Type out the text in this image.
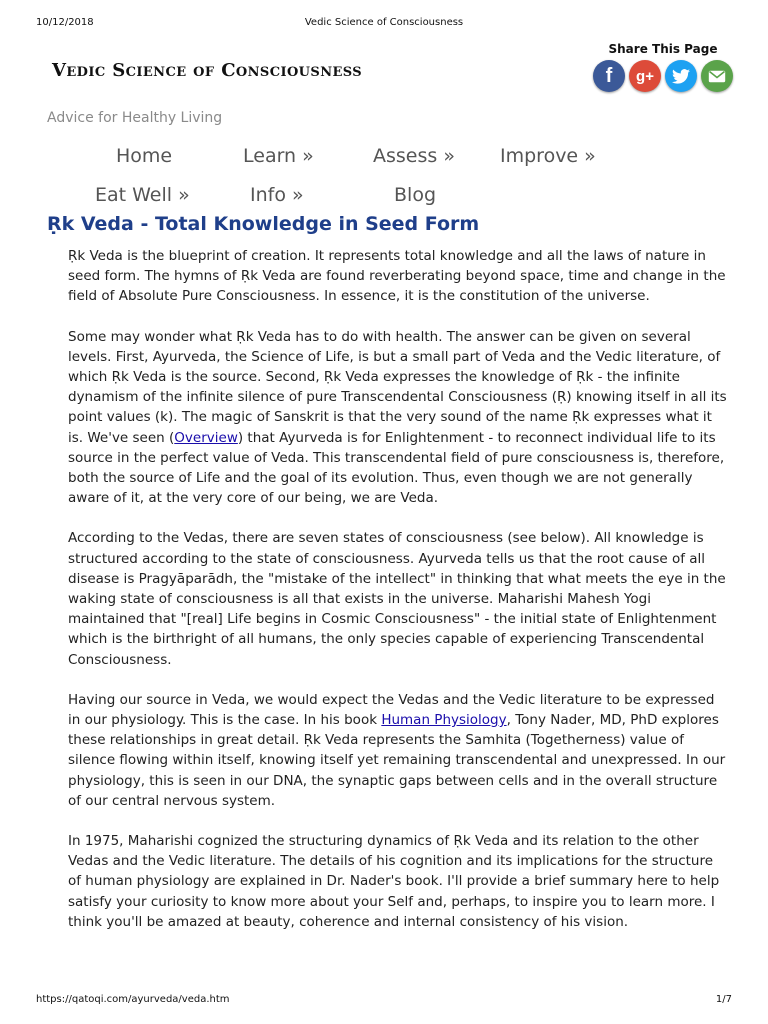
10/12/2018	Vedic Science of Consciousness
Vedic Science of Consciousness
Share This Page
f	g+

Advice for Healthy Living

Home	Learn »	Assess » Improve »
Eat Well »	Info »	Blog
Ṛk Veda - Total Knowledge in Seed Form

Ṛk Veda is the blueprint of creation. It represents total knowledge and all the laws of nature in seed form. The hymns of Ṛk Veda are found reverberating beyond space, time and change in the field of Absolute Pure Consciousness. In essence, it is the constitution of the universe.

Some may wonder what Ṛk Veda has to do with health. The answer can be given on several levels. First, Ayurveda, the Science of Life, is but a small part of Veda and the Vedic literature, of which Ṛk Veda is the source. Second, Ṛk Veda expresses the knowledge of Ṛk - the infinite dynamism of the infinite silence of pure Transcendental Consciousness (Ṛ) knowing itself in all its point values (k). The magic of Sanskrit is that the very sound of the name Ṛk expresses what it is. We've seen (Overview) that Ayurveda is for Enlightenment - to reconnect individual life to its source in the perfect value of Veda. This transcendental field of pure consciousness is, therefore, both the source of Life and the goal of its evolution. Thus, even though we are not generally aware of it, at the very core of our being, we are Veda.

According to the Vedas, there are seven states of consciousness (see below). All knowledge is structured according to the state of consciousness. Ayurveda tells us that the root cause of all disease is Pragyāparādh, the "mistake of the intellect" in thinking that what meets the eye in the waking state of consciousness is all that exists in the universe. Maharishi Mahesh Yogi maintained that "[real] Life begins in Cosmic Consciousness" - the initial state of Enlightenment which is the birthright of all humans, the only species capable of experiencing Transcendental Consciousness.

Having our source in Veda, we would expect the Vedas and the Vedic literature to be expressed in our physiology. This is the case. In his book Human Physiology, Tony Nader, MD, PhD explores these relationships in great detail. Ṛk Veda represents the Samhita (Togetherness) value of silence flowing within itself, knowing itself yet remaining transcendental and unexpressed. In our physiology, this is seen in our DNA, the synaptic gaps between cells and in the overall structure of our central nervous system.

In 1975, Maharishi cognized the structuring dynamics of Ṛk Veda and its relation to the other Vedas and the Vedic literature. The details of his cognition and its implications for the structure of human physiology are explained in Dr. Nader's book. I'll provide a brief summary here to help satisfy your curiosity to know more about your Self and, perhaps, to inspire you to learn more. I think you'll be amazed at beauty, coherence and internal consistency of his vision.

https://qatoqi.com/ayurveda/veda.htm	1/7
